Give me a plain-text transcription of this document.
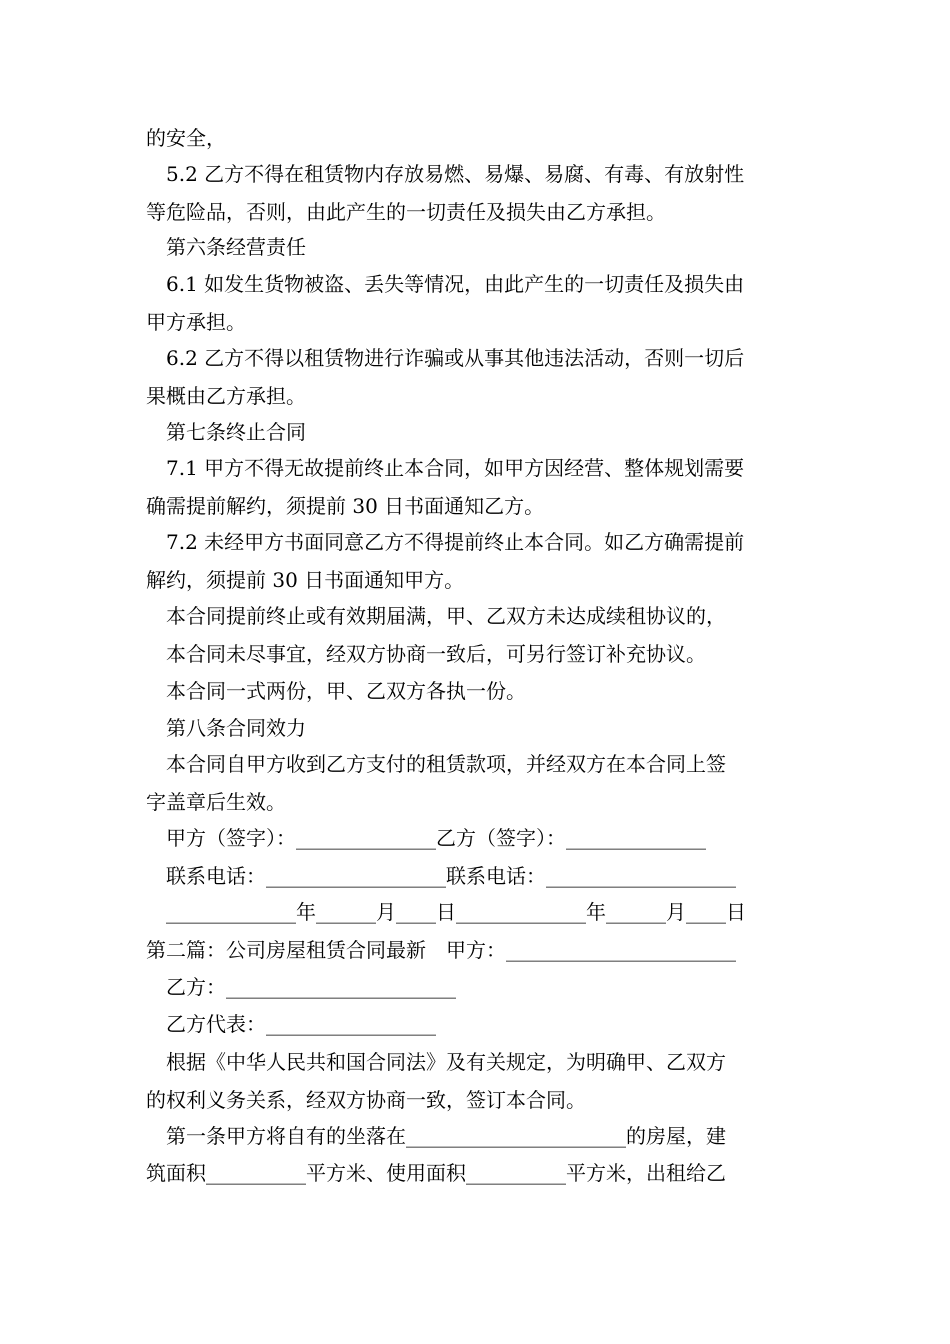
的安全，
5.2 乙方不得在租赁物内存放易燃、易爆、易腐、有毒、有放射性
等危险品，否则，由此产生的一切责任及损失由乙方承担。
第六条经营责任
6.1 如发生货物被盗、丢失等情况，由此产生的一切责任及损失由
甲方承担。
6.2 乙方不得以租赁物进行诈骗或从事其他违法活动，否则一切后
果概由乙方承担。
第七条终止合同
7.1 甲方不得无故提前终止本合同，如甲方因经营、整体规划需要
确需提前解约，须提前 30 日书面通知乙方。
7.2 未经甲方书面同意乙方不得提前终止本合同。如乙方确需提前
解约，须提前 30 日书面通知甲方。
本合同提前终止或有效期届满，甲、乙双方未达成续租协议的，
本合同未尽事宜，经双方协商一致后，可另行签订补充协议。
本合同一式两份，甲、乙双方各执一份。
第八条合同效力
本合同自甲方收到乙方支付的租赁款项，并经双方在本合同上签
字盖章后生效。
甲方（签字）：______________乙方（签字）：______________
联系电话：__________________联系电话：___________________
_____________年______月____日_____________年______月____日
第二篇：公司房屋租赁合同最新　甲方：_______________________
乙方：_______________________
乙方代表：_________________
根据《中华人民共和国合同法》及有关规定，为明确甲、乙双方
的权利义务关系，经双方协商一致，签订本合同。
第一条甲方将自有的坐落在______________________的房屋，建
筑面积__________平方米、使用面积__________平方米，出租给乙
